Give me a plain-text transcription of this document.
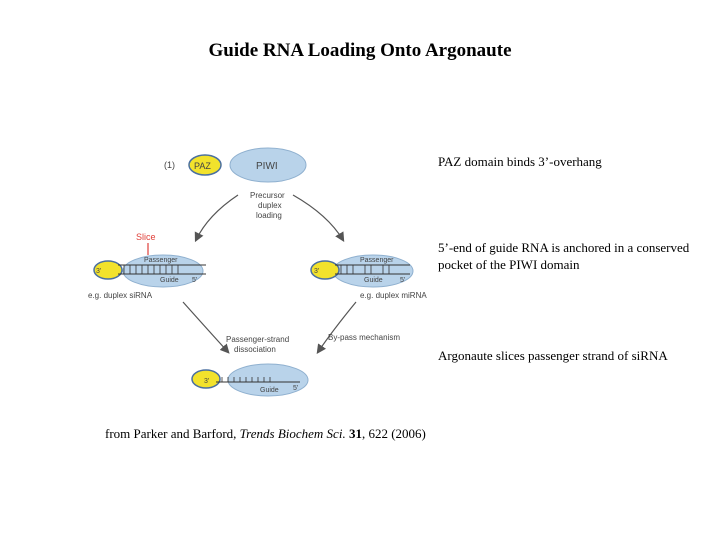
Guide RNA Loading Onto Argonaute
(1)	PIWI
PAZ
Precursor
duplex
loading
Slice
Passenger
Guide
3'
5'
e.g. duplex siRNA
Passenger
Guide
3'
5'
e.g. duplex miRNA
Passenger-strand
dissociation
By-pass mechanism
Guide
3'
5'
PAZ domain binds 3’-overhang
5’-end of guide RNA is anchored in a conserved pocket of the PIWI domain
Argonaute slices passenger strand of siRNA
from Parker and Barford, Trends Biochem Sci. 31, 622 (2006)
